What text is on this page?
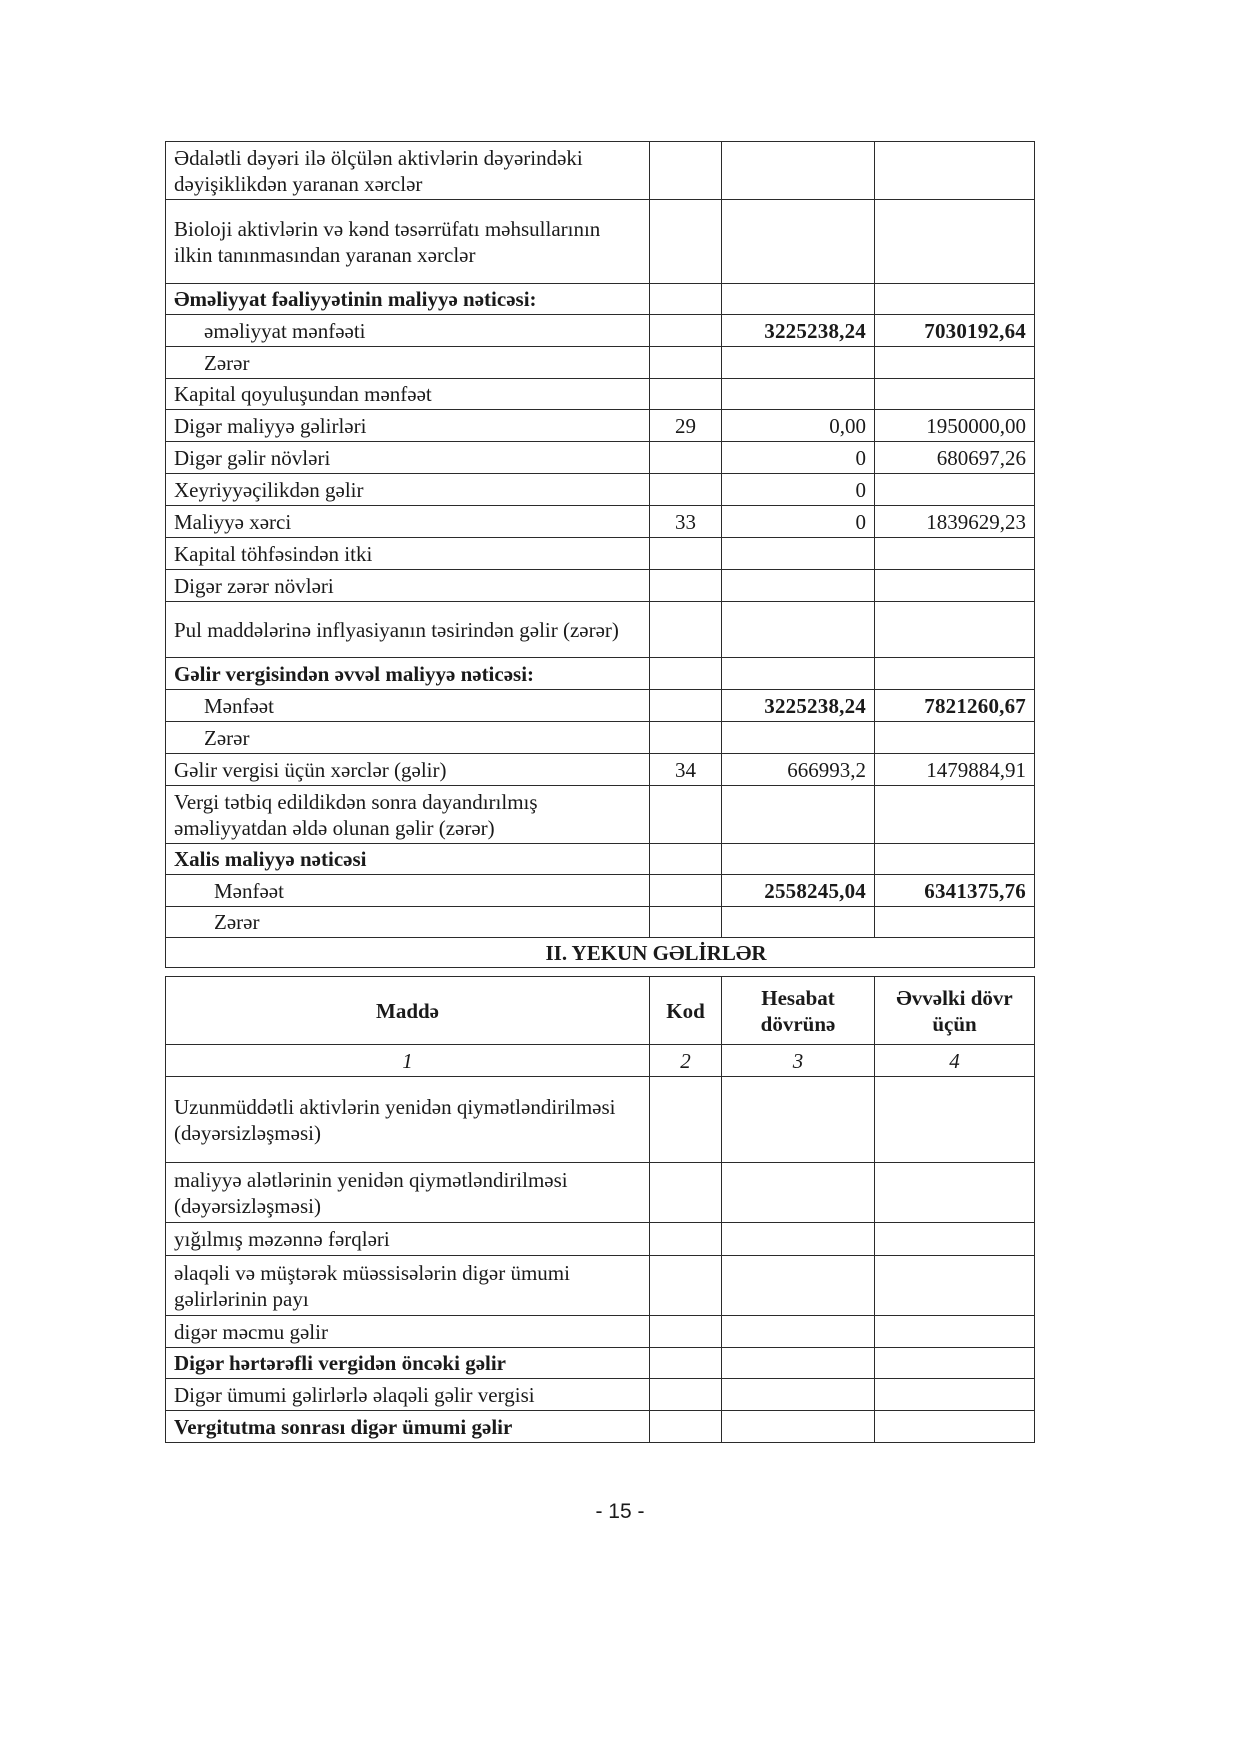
Ədalətli dəyəri ilə ölçülən aktivlərin dəyərindəki dəyişiklikdən yaranan xərclər			
Bioloji aktivlərin və kənd təsərrüfatı məhsullarının ilkin tanınmasından yaranan xərclər			
Əməliyyat fəaliyyətinin maliyyə nəticəsi:			
əməliyyat mənfəəti		3225238,24	7030192,64
Zərər			
Kapital qoyuluşundan mənfəət			
Digər maliyyə gəlirləri	29	0,00	1950000,00
Digər gəlir növləri		0	680697,26
Xeyriyyəçilikdən gəlir		0	
Maliyyə xərci	33	0	1839629,23
Kapital töhfəsindən itki			
Digər zərər növləri			
Pul maddələrinə inflyasiyanın təsirindən gəlir (zərər)			
Gəlir vergisindən əvvəl maliyyə nəticəsi:			
Mənfəət		3225238,24	7821260,67
Zərər			
Gəlir vergisi üçün xərclər (gəlir)	34	666993,2	1479884,91
Vergi tətbiq edildikdən sonra dayandırılmış əməliyyatdan əldə olunan gəlir (zərər)			
Xalis maliyyə nəticəsi			
Mənfəət		2558245,04	6341375,76
Zərər			
II. YEKUN GƏLİRLƏR			
Maddə	Kod	Hesabat dövrünə	Əvvəlki dövr üçün
1	2	3	4
Uzunmüddətli aktivlərin yenidən qiymətləndirilməsi (dəyərsizləşməsi)			
maliyyə alətlərinin yenidən qiymətləndirilməsi (dəyərsizləşməsi)			
yığılmış məzənnə fərqləri			
əlaqəli və müştərək müəssisələrin digər ümumi gəlirlərinin payı			
digər məcmu gəlir			
Digər hərtərəfli vergidən öncəki gəlir			
Digər ümumi gəlirlərlə əlaqəli gəlir vergisi			
Vergitutma sonrası digər ümumi gəlir			
- 15 -
